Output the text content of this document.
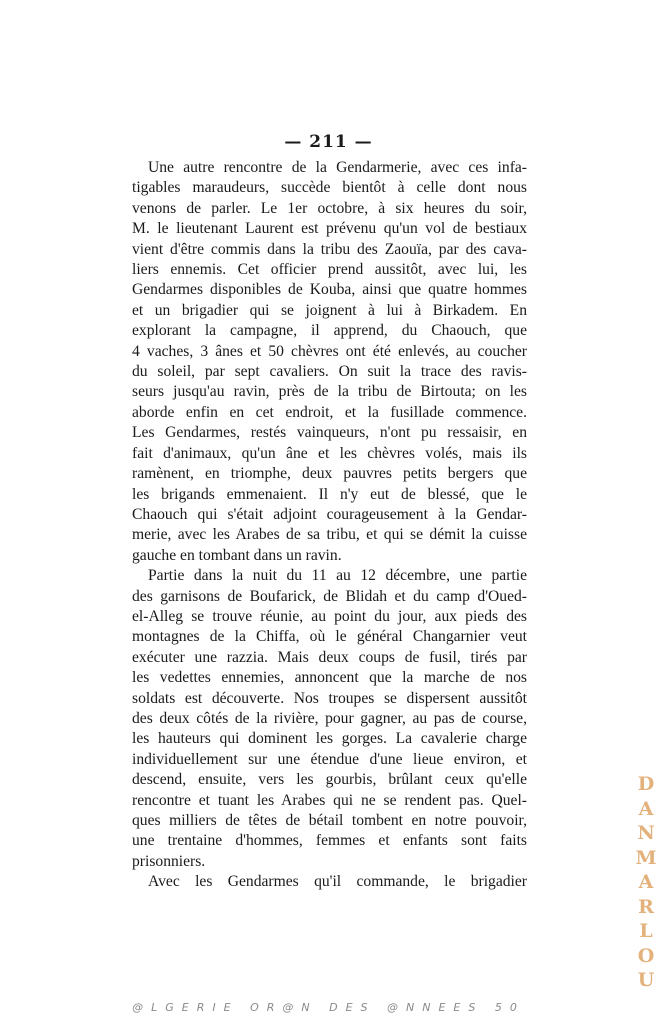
— 211 —
Une autre rencontre de la Gendarmerie, avec ces infa-
tigables maraudeurs, succède bientôt à celle dont nous
venons de parler. Le 1er octobre, à six heures du soir,
M. le lieutenant Laurent est prévenu qu'un vol de bestiaux
vient d'être commis dans la tribu des Zaouïa, par des cava-
liers ennemis. Cet officier prend aussitôt, avec lui, les
Gendarmes disponibles de Kouba, ainsi que quatre hommes
et un brigadier qui se joignent à lui à Birkadem. En
explorant la campagne, il apprend, du Chaouch, que
4 vaches, 3 ânes et 50 chèvres ont été enlevés, au coucher
du soleil, par sept cavaliers. On suit la trace des ravis-
seurs jusqu'au ravin, près de la tribu de Birtouta; on les
aborde enfin en cet endroit, et la fusillade commence.
Les Gendarmes, restés vainqueurs, n'ont pu ressaisir, en
fait d'animaux, qu'un âne et les chèvres volés, mais ils
ramènent, en triomphe, deux pauvres petits bergers que
les brigands emmenaient. Il n'y eut de blessé, que le
Chaouch qui s'était adjoint courageusement à la Gendar-
merie, avec les Arabes de sa tribu, et qui se démit la cuisse
gauche en tombant dans un ravin.
Partie dans la nuit du 11 au 12 décembre, une partie
des garnisons de Boufarick, de Blidah et du camp d'Oued-
el-Alleg se trouve réunie, au point du jour, aux pieds des
montagnes de la Chiffa, où le général Changarnier veut
exécuter une razzia. Mais deux coups de fusil, tirés par
les vedettes ennemies, annoncent que la marche de nos
soldats est découverte. Nos troupes se dispersent aussitôt
des deux côtés de la rivière, pour gagner, au pas de course,
les hauteurs qui dominent les gorges. La cavalerie charge
individuellement sur une étendue d'une lieue environ, et
descend, ensuite, vers les gourbis, brûlant ceux qu'elle
rencontre et tuant les Arabes qui ne se rendent pas. Quel-
ques milliers de têtes de bétail tombent en notre pouvoir,
une trentaine d'hommes, femmes et enfants sont faits
prisonniers.
Avec les Gendarmes qu'il commande, le brigadier
D
A
N
M
A
R
L
O
U
@LGERIE OR@N DES @NNEES 50
